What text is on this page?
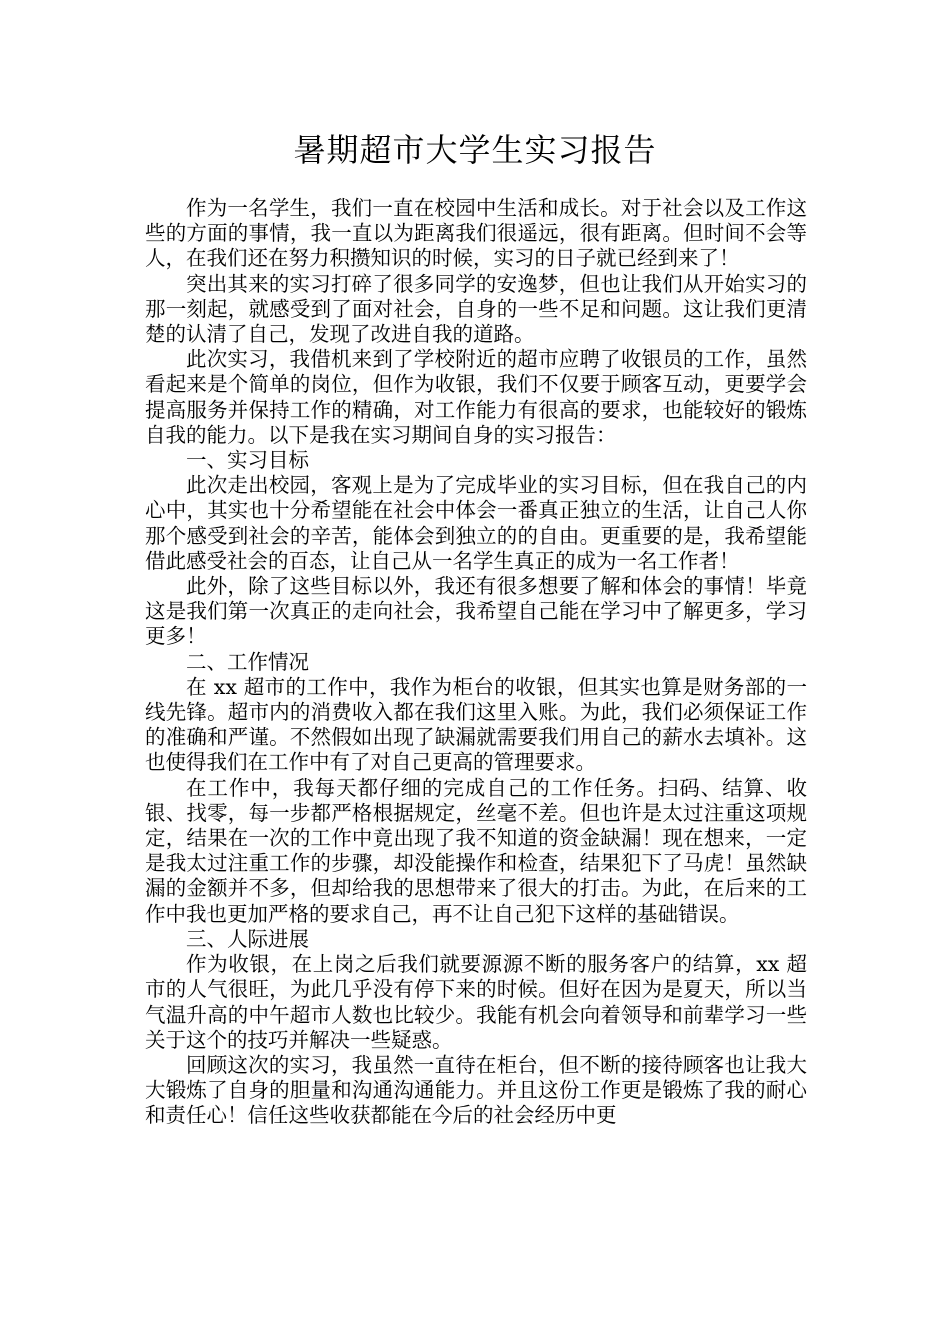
暑期超市大学生实习报告

作为一名学生，我们一直在校园中生活和成长。对于社会以及工作这些的方面的事情，我一直以为距离我们很遥远，很有距离。但时间不会等人，在我们还在努力积攒知识的时候，实习的日子就已经到来了！

突出其来的实习打碎了很多同学的安逸梦，但也让我们从开始实习的那一刻起，就感受到了面对社会，自身的一些不足和问题。这让我们更清楚的认清了自己，发现了改进自我的道路。

此次实习，我借机来到了学校附近的超市应聘了收银员的工作，虽然看起来是个简单的岗位，但作为收银，我们不仅要于顾客互动，更要学会提高服务并保持工作的精确，对工作能力有很高的要求，也能较好的锻炼自我的能力。以下是我在实习期间自身的实习报告：

一、实习目标

此次走出校园，客观上是为了完成毕业的实习目标，但在我自己的内心中，其实也十分希望能在社会中体会一番真正独立的生活，让自己人你那个感受到社会的辛苦，能体会到独立的的自由。更重要的是，我希望能借此感受社会的百态，让自己从一名学生真正的成为一名工作者！

此外，除了这些目标以外，我还有很多想要了解和体会的事情！毕竟这是我们第一次真正的走向社会，我希望自己能在学习中了解更多，学习更多！

二、工作情况

在 xx 超市的工作中，我作为柜台的收银，但其实也算是财务部的一线先锋。超市内的消费收入都在我们这里入账。为此，我们必须保证工作的准确和严谨。不然假如出现了缺漏就需要我们用自己的薪水去填补。这也使得我们在工作中有了对自己更高的管理要求。

在工作中，我每天都仔细的完成自己的工作任务。扫码、结算、收银、找零，每一步都严格根据规定，丝毫不差。但也许是太过注重这项规定，结果在一次的工作中竟出现了我不知道的资金缺漏！现在想来，一定是我太过注重工作的步骤，却没能操作和检查，结果犯下了马虎！虽然缺漏的金额并不多，但却给我的思想带来了很大的打击。为此，在后来的工作中我也更加严格的要求自己，再不让自己犯下这样的基础错误。

三、人际进展

作为收银，在上岗之后我们就要源源不断的服务客户的结算，xx 超市的人气很旺，为此几乎没有停下来的时候。但好在因为是夏天，所以当气温升高的中午超市人数也比较少。我能有机会向着领导和前辈学习一些关于这个的技巧并解决一些疑惑。

回顾这次的实习，我虽然一直待在柜台，但不断的接待顾客也让我大大锻炼了自身的胆量和沟通沟通能力。并且这份工作更是锻炼了我的耐心和责任心！信任这些收获都能在今后的社会经历中更
